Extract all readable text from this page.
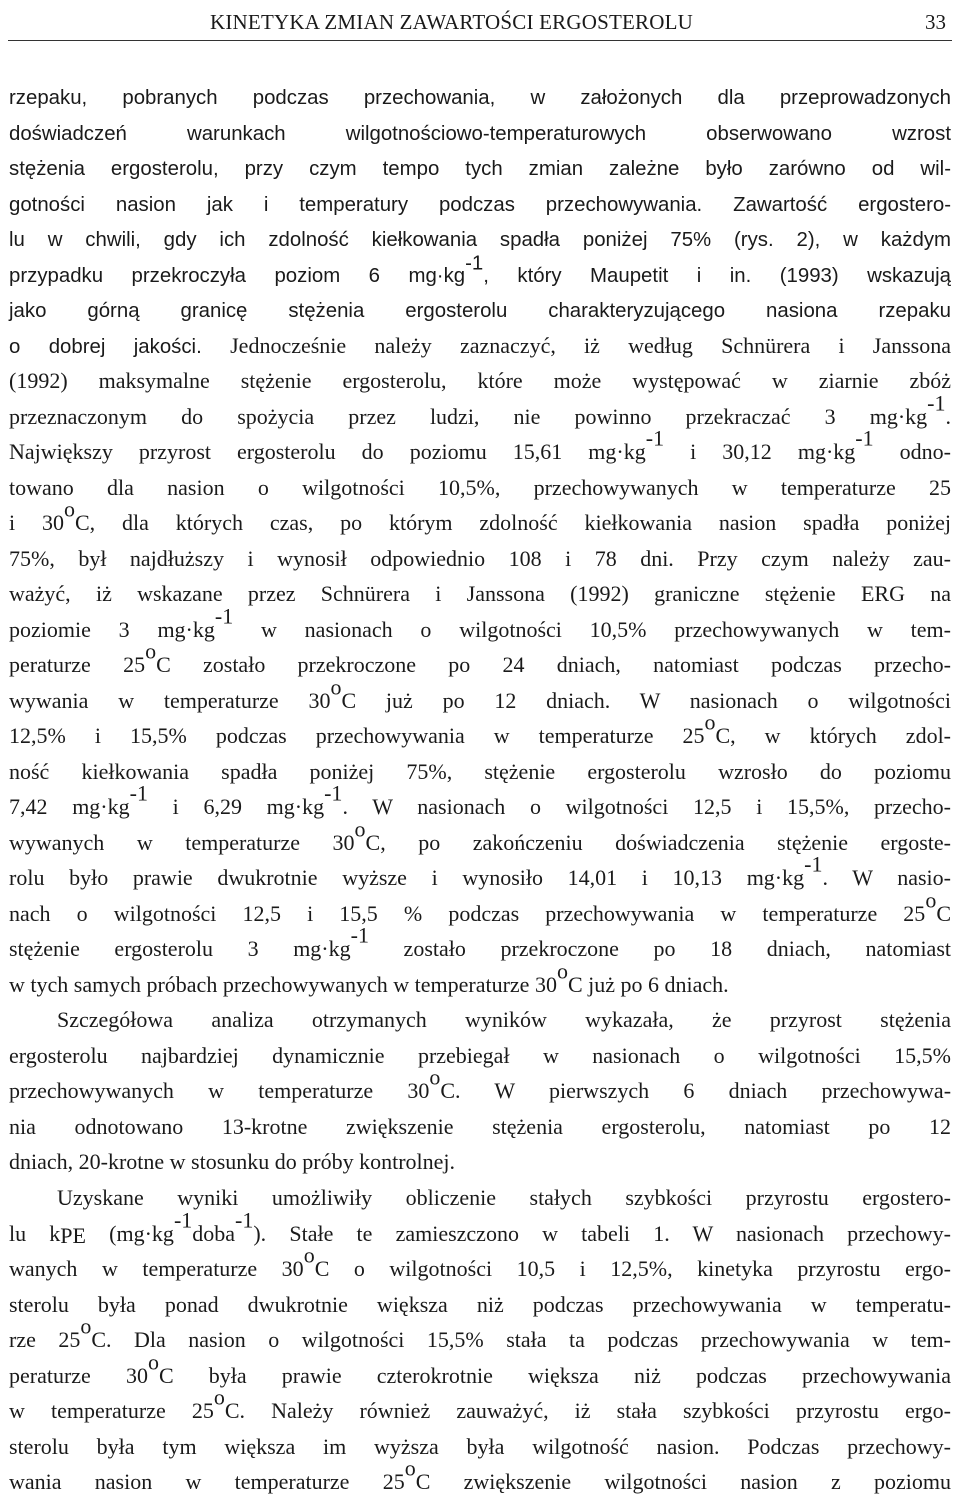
KINETYKA ZMIAN ZAWARTOŚCI ERGOSTEROLU	33
rzepaku, pobranych podczas przechowania, w założonych dla przeprowadzonych
doświadczeń warunkach wilgotnościowo-temperaturowych obserwowano wzrost
stężenia ergosterolu, przy czym tempo tych zmian zależne było zarówno od wil-
gotności nasion jak i temperatury podczas przechowywania. Zawartość ergostero-
lu w chwili, gdy ich zdolność kiełkowania spadła poniżej 75% (rys. 2), w każdym
przypadku przekroczyła poziom 6 $mg\cdot kg^{-1}$, który Maupetit i in. (1993) wskazują
jako górną granicę stężenia ergosterolu charakteryzującego nasiona rzepaku
o dobrej jakości. Jednocześnie należy zaznaczyć, iż według Schnürera i Janssona
(1992) maksymalne stężenie ergosterolu, które może występować w ziarnie zbóż
przeznaczonym do spożycia przez ludzi, nie powinno przekraczać 3 $mg\cdot kg^{-1}$.
Największy przyrost ergosterolu do poziomu 15,61 $mg\cdot kg^{-1}$ i 30,12 $mg\cdot kg^{-1}$ odno-
towano dla nasion o wilgotności 10,5%, przechowywanych w temperaturze 25
i 30$^o$C, dla których czas, po którym zdolność kiełkowania nasion spadła poniżej
75%, był najdłuższy i wynosił odpowiednio 108 i 78 dni. Przy czym należy zau-
ważyć, iż wskazane przez Schnürera i Janssona (1992) graniczne stężenie ERG na
poziomie 3 $mg\cdot kg^{-1}$ w nasionach o wilgotności 10,5% przechowywanych w tem-
peraturze 25$^o$C zostało przekroczone po 24 dniach, natomiast podczas przecho-
wywania w temperaturze 30$^o$C już po 12 dniach. W nasionach o wilgotności
12,5% i 15,5% podczas przechowywania w temperaturze 25$^o$C, w których zdol-
ność kiełkowania spadła poniżej 75%, stężenie ergosterolu wzrosło do poziomu
7,42 $mg\cdot kg^{-1}$ i 6,29 $mg\cdot kg^{-1}$. W nasionach o wilgotności 12,5 i 15,5%, przecho-
wywanych w temperaturze 30$^o$C, po zakończeniu doświadczenia stężenie ergoste-
rolu było prawie dwukrotnie wyższe i wynosiło 14,01 i 10,13 $mg\cdot kg^{-1}$. W nasio-
nach o wilgotności 12,5 i 15,5 % podczas przechowywania w temperaturze 25$^o$C
stężenie ergosterolu 3 $mg\cdot kg^{-1}$ zostało przekroczone po 18 dniach, natomiast
w tych samych próbach przechowywanych w temperaturze 30$^o$C już po 6 dniach.
Szczegółowa analiza otrzymanych wyników wykazała, że przyrost stężenia
ergosterolu najbardziej dynamicznie przebiegał w nasionach o wilgotności 15,5%
przechowywanych w temperaturze 30$^o$C. W pierwszych 6 dniach przechowywa-
nia odnotowano 13-krotne zwiększenie stężenia ergosterolu, natomiast po 12
dniach, 20-krotne w stosunku do próby kontrolnej.
Uzyskane wyniki umożliwiły obliczenie stałych szybkości przyrostu ergostero-
lu $k_{PE}$ $(mg\cdot kg^{-1}doba^{-1})$. Stałe te zamieszczono w tabeli 1. W nasionach przechowy-
wanych w temperaturze 30$^o$C o wilgotności 10,5 i 12,5%, kinetyka przyrostu ergo-
sterolu była ponad dwukrotnie większa niż podczas przechowywania w temperatu-
rze 25$^o$C. Dla nasion o wilgotności 15,5% stała ta podczas przechowywania w tem-
peraturze 30$^o$C była prawie czterokrotnie większa niż podczas przechowywania
w temperaturze 25$^o$C. Należy również zauważyć, iż stała szybkości przyrostu ergo-
sterolu była tym większa im wyższa była wilgotność nasion. Podczas przechowy-
wania nasion w temperaturze 25$^o$C zwiększenie wilgotności nasion z poziomu
